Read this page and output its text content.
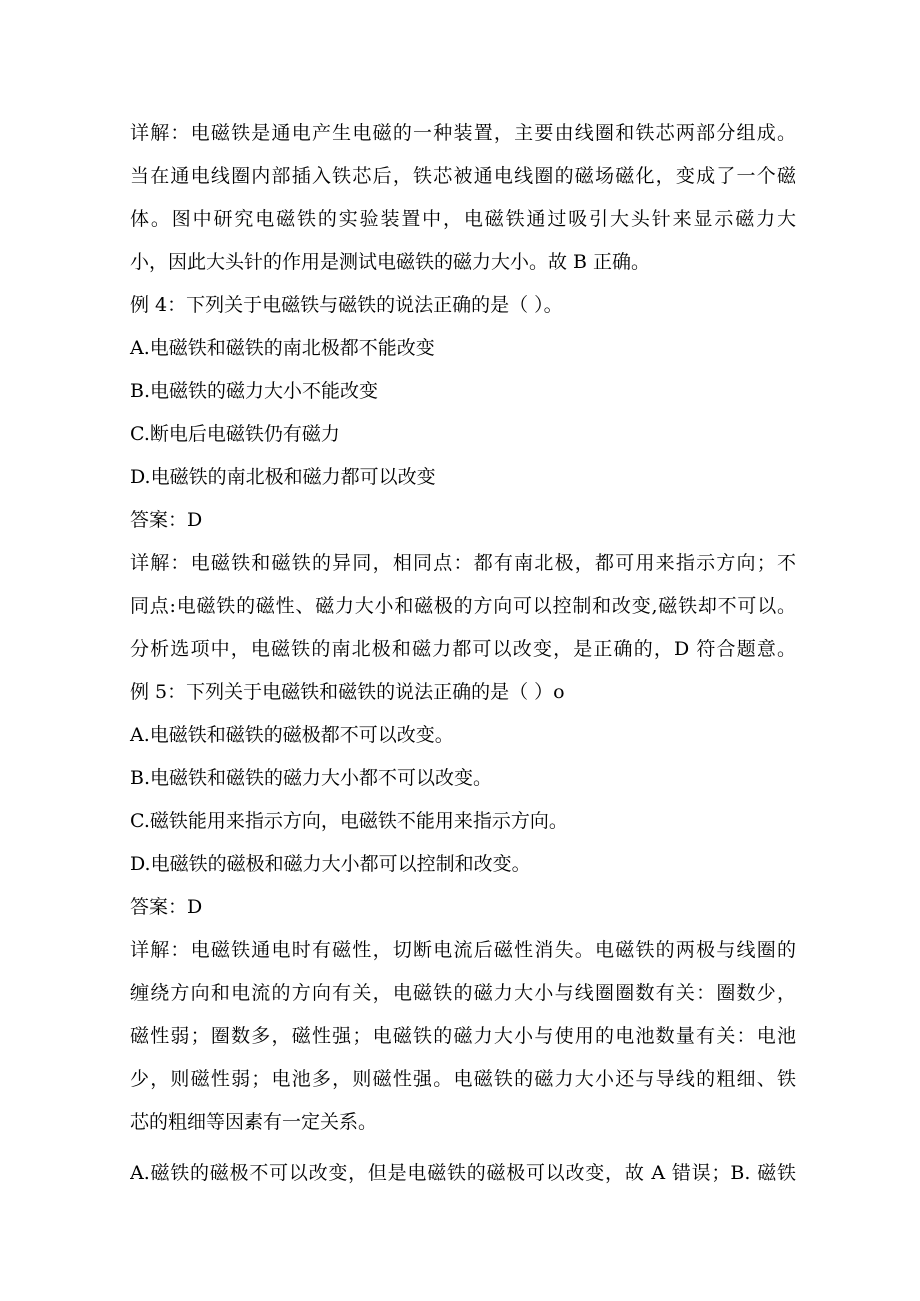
详解：电磁铁是通电产生电磁的一种装置，主要由线圈和铁芯两部分组成。
当在通电线圈内部插入铁芯后，铁芯被通电线圈的磁场磁化，变成了一个磁
体。图中研究电磁铁的实验装置中，电磁铁通过吸引大头针来显示磁力大
小，因此大头针的作用是测试电磁铁的磁力大小。故 B 正确。
例 4：下列关于电磁铁与磁铁的说法正确的是（ ）。
A.电磁铁和磁铁的南北极都不能改变
B.电磁铁的磁力大小不能改变
C.断电后电磁铁仍有磁力
D.电磁铁的南北极和磁力都可以改变
答案：D
详解：电磁铁和磁铁的异同，相同点：都有南北极，都可用来指示方向；不
同点:电磁铁的磁性、磁力大小和磁极的方向可以控制和改变,磁铁却不可以。
分析选项中，电磁铁的南北极和磁力都可以改变，是正确的，D 符合题意。
例 5：下列关于电磁铁和磁铁的说法正确的是（ ）o
A.电磁铁和磁铁的磁极都不可以改变。
B.电磁铁和磁铁的磁力大小都不可以改变。
C.磁铁能用来指示方向，电磁铁不能用来指示方向。
D.电磁铁的磁极和磁力大小都可以控制和改变。
答案：D
详解：电磁铁通电时有磁性，切断电流后磁性消失。电磁铁的两极与线圈的
缠绕方向和电流的方向有关，电磁铁的磁力大小与线圈圈数有关：圈数少，
磁性弱；圈数多，磁性强；电磁铁的磁力大小与使用的电池数量有关：电池
少，则磁性弱；电池多，则磁性强。电磁铁的磁力大小还与导线的粗细、铁
芯的粗细等因素有一定关系。
A.磁铁的磁极不可以改变，但是电磁铁的磁极可以改变，故 A 错误；B. 磁铁
